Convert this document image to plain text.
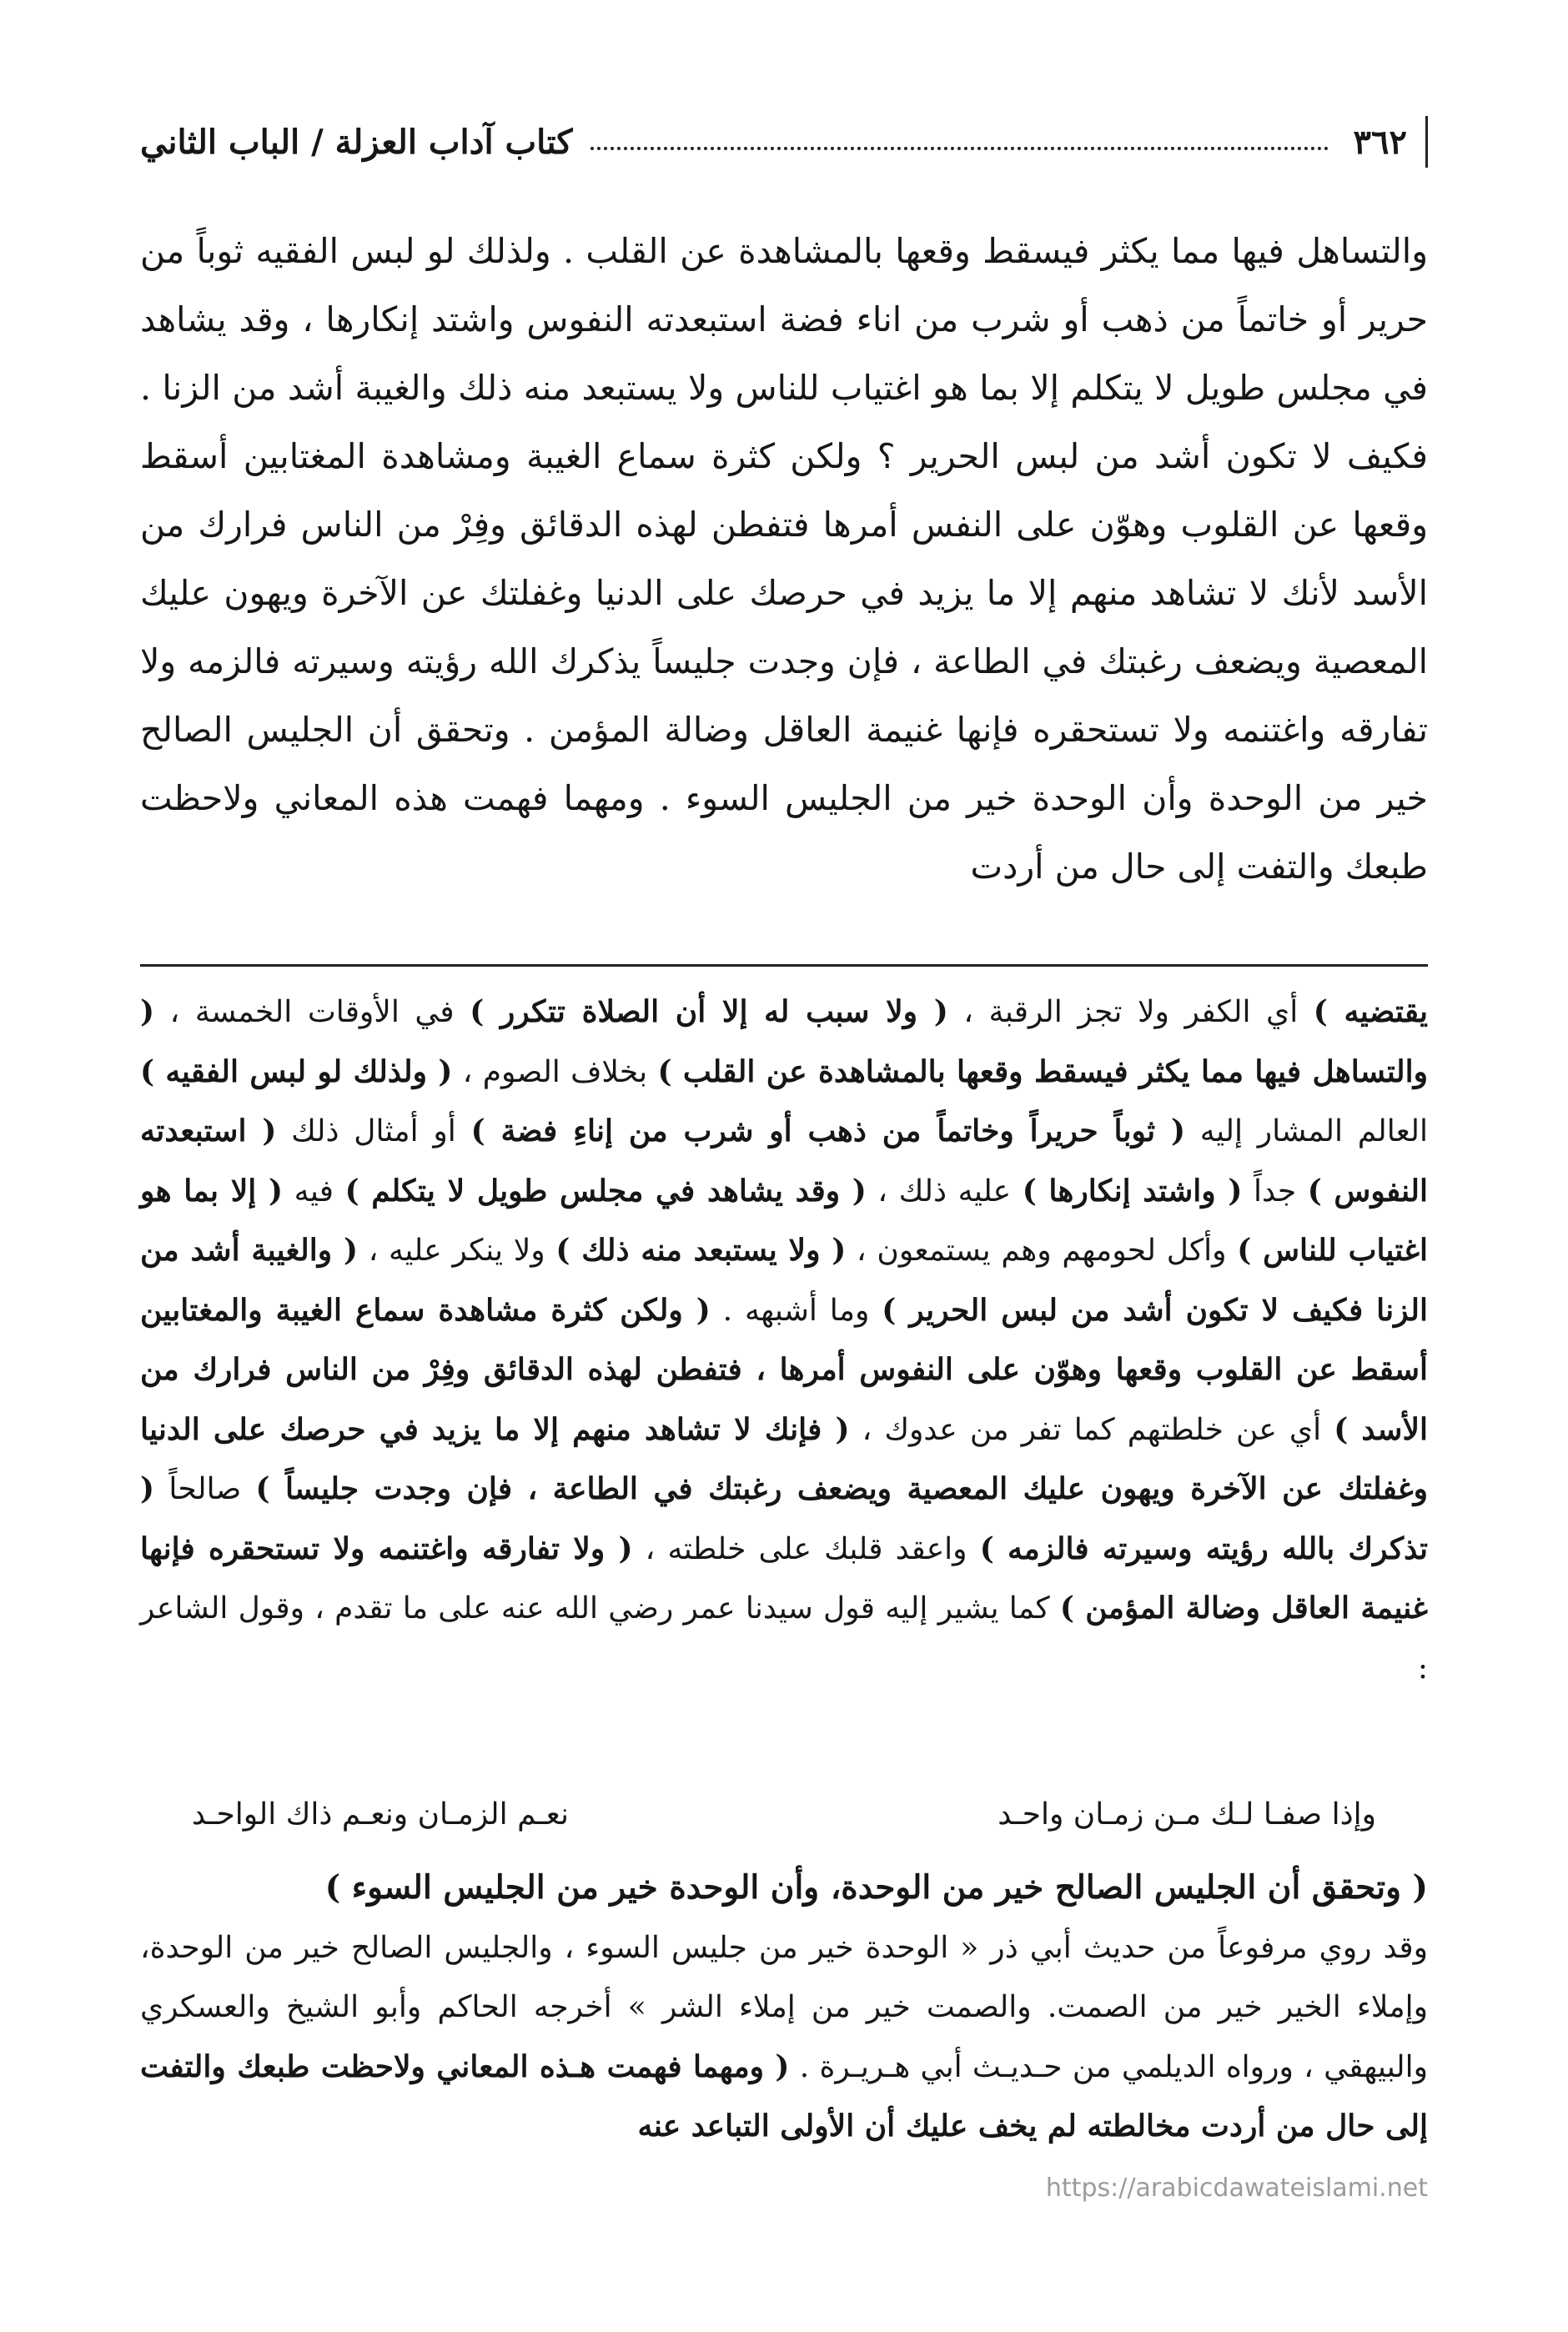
٣٦٢
كتاب آداب العزلة / الباب الثاني

والتساهل فيها مما يكثر فيسقط وقعها بالمشاهدة عن القلب . ولذلك لو لبس الفقيه ثوباً من حرير أو خاتماً من ذهب أو شرب من اناء فضة استبعدته النفوس واشتد إنكارها ، وقد يشاهد في مجلس طويل لا يتكلم إلا بما هو اغتياب للناس ولا يستبعد منه ذلك والغيبة أشد من الزنا . فكيف لا تكون أشد من لبس الحرير ؟ ولكن كثرة سماع الغيبة ومشاهدة المغتابين أسقط وقعها عن القلوب وهوّن على النفس أمرها فتفطن لهذه الدقائق وفِرْ من الناس فرارك من الأسد لأنك لا تشاهد منهم إلا ما يزيد في حرصك على الدنيا وغفلتك عن الآخرة ويهون عليك المعصية ويضعف رغبتك في الطاعة ، فإن وجدت جليساً يذكرك الله رؤيته وسيرته فالزمه ولا تفارقه واغتنمه ولا تستحقره فإنها غنيمة العاقل وضالة المؤمن . وتحقق أن الجليس الصالح خير من الوحدة وأن الوحدة خير من الجليس السوء . ومهما فهمت هذه المعاني ولاحظت طبعك والتفت إلى حال من أردت

يقتضيه ) أي الكفر ولا تجز الرقبة ، ( ولا سبب له إلا أن الصلاة تتكرر ) في الأوقات الخمسة ، ( والتساهل فيها مما يكثر فيسقط وقعها بالمشاهدة عن القلب ) بخلاف الصوم ، ( ولذلك لو لبس الفقيه ) العالم المشار إليه ( ثوباً حريراً وخاتماً من ذهب أو شرب من إناءِ فضة ) أو أمثال ذلك ( استبعدته النفوس ) جداً ( واشتد إنكارها ) عليه ذلك ، ( وقد يشاهد في مجلس طويل لا يتكلم ) فيه ( إلا بما هو اغتياب للناس ) وأكل لحومهم وهم يستمعون ، ( ولا يستبعد منه ذلك ) ولا ينكر عليه ، ( والغيبة أشد من الزنا فكيف لا تكون أشد من لبس الحرير ) وما أشبهه . ( ولكن كثرة مشاهدة سماع الغيبة والمغتابين أسقط عن القلوب وقعها وهوّن على النفوس أمرها ، فتفطن لهذه الدقائق وفِرْ من الناس فرارك من الأسد ) أي عن خلطتهم كما تفر من عدوك ، ( فإنك لا تشاهد منهم إلا ما يزيد في حرصك على الدنيا وغفلتك عن الآخرة ويهون عليك المعصية ويضعف رغبتك في الطاعة ، فإن وجدت جليساً ) صالحاً ( تذكرك بالله رؤيته وسيرته فالزمه ) واعقد قلبك على خلطته ، ( ولا تفارقه واغتنمه ولا تستحقره فإنها غنيمة العاقل وضالة المؤمن ) كما يشير إليه قول سيدنا عمر رضي الله عنه على ما تقدم ، وقول الشاعر :

وإذا صفـا لـك مـن زمـان واحـد
نعـم الزمـان ونعـم ذاك الواحـد

( وتحقق أن الجليس الصالح خير من الوحدة، وأن الوحدة خير من الجليس السوء )

وقد روي مرفوعاً من حديث أبي ذر « الوحدة خير من جليس السوء ، والجليس الصالح خير من الوحدة، وإملاء الخير خير من الصمت. والصمت خير من إملاء الشر » أخرجه الحاكم وأبو الشيخ والعسكري والبيهقي ، ورواه الديلمي من حـديـث أبي هـريـرة . ( ومهما فهمت هـذه المعاني ولاحظت طبعك والتفت إلى حال من أردت مخالطته لم يخف عليك أن الأولى التباعد عنه

https://arabicdawateislami.net
